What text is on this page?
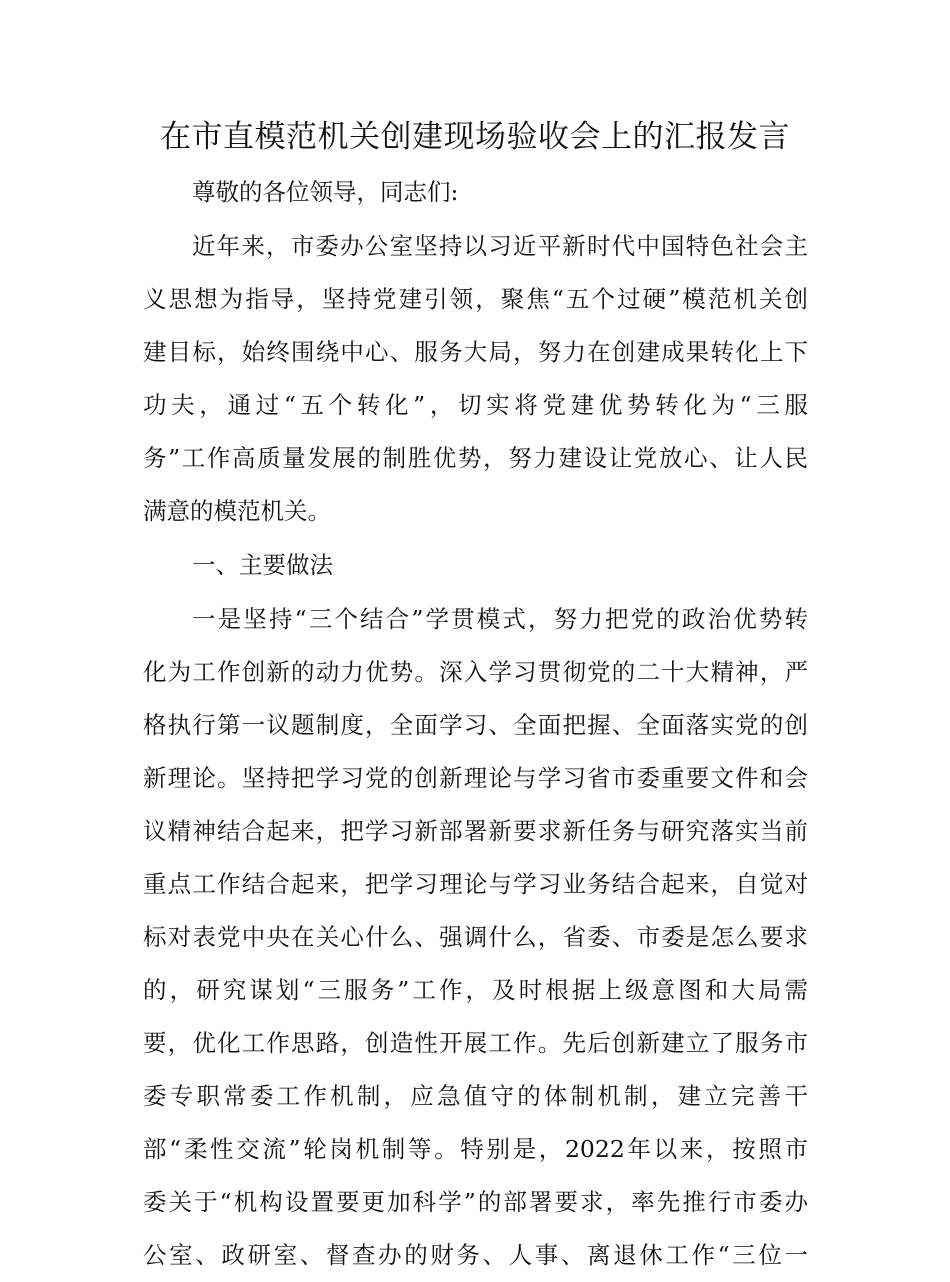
在市直模范机关创建现场验收会上的汇报发言

尊敬的各位领导，同志们:

近年来，市委办公室坚持以习近平新时代中国特色社会主

义思想为指导，坚持党建引领，聚焦“五个过硬”模范机关创

建目标，始终围绕中心、服务大局，努力在创建成果转化上下

功夫，通过“五个转化”，切实将党建优势转化为“三服

务”工作高质量发展的制胜优势，努力建设让党放心、让人民

满意的模范机关。

一、主要做法

一是坚持“三个结合”学贯模式，努力把党的政治优势转

化为工作创新的动力优势。深入学习贯彻党的二十大精神，严

格执行第一议题制度，全面学习、全面把握、全面落实党的创

新理论。坚持把学习党的创新理论与学习省市委重要文件和会

议精神结合起来，把学习新部署新要求新任务与研究落实当前

重点工作结合起来，把学习理论与学习业务结合起来，自觉对

标对表党中央在关心什么、强调什么，省委、市委是怎么要求

的，研究谋划“三服务”工作，及时根据上级意图和大局需

要，优化工作思路，创造性开展工作。先后创新建立了服务市

委专职常委工作机制，应急值守的体制机制，建立完善干

部“柔性交流”轮岗机制等。特别是，2022年以来，按照市

委关于“机构设置要更加科学”的部署要求，率先推行市委办

公室、政研室、督查办的财务、人事、离退休工作“三位一
